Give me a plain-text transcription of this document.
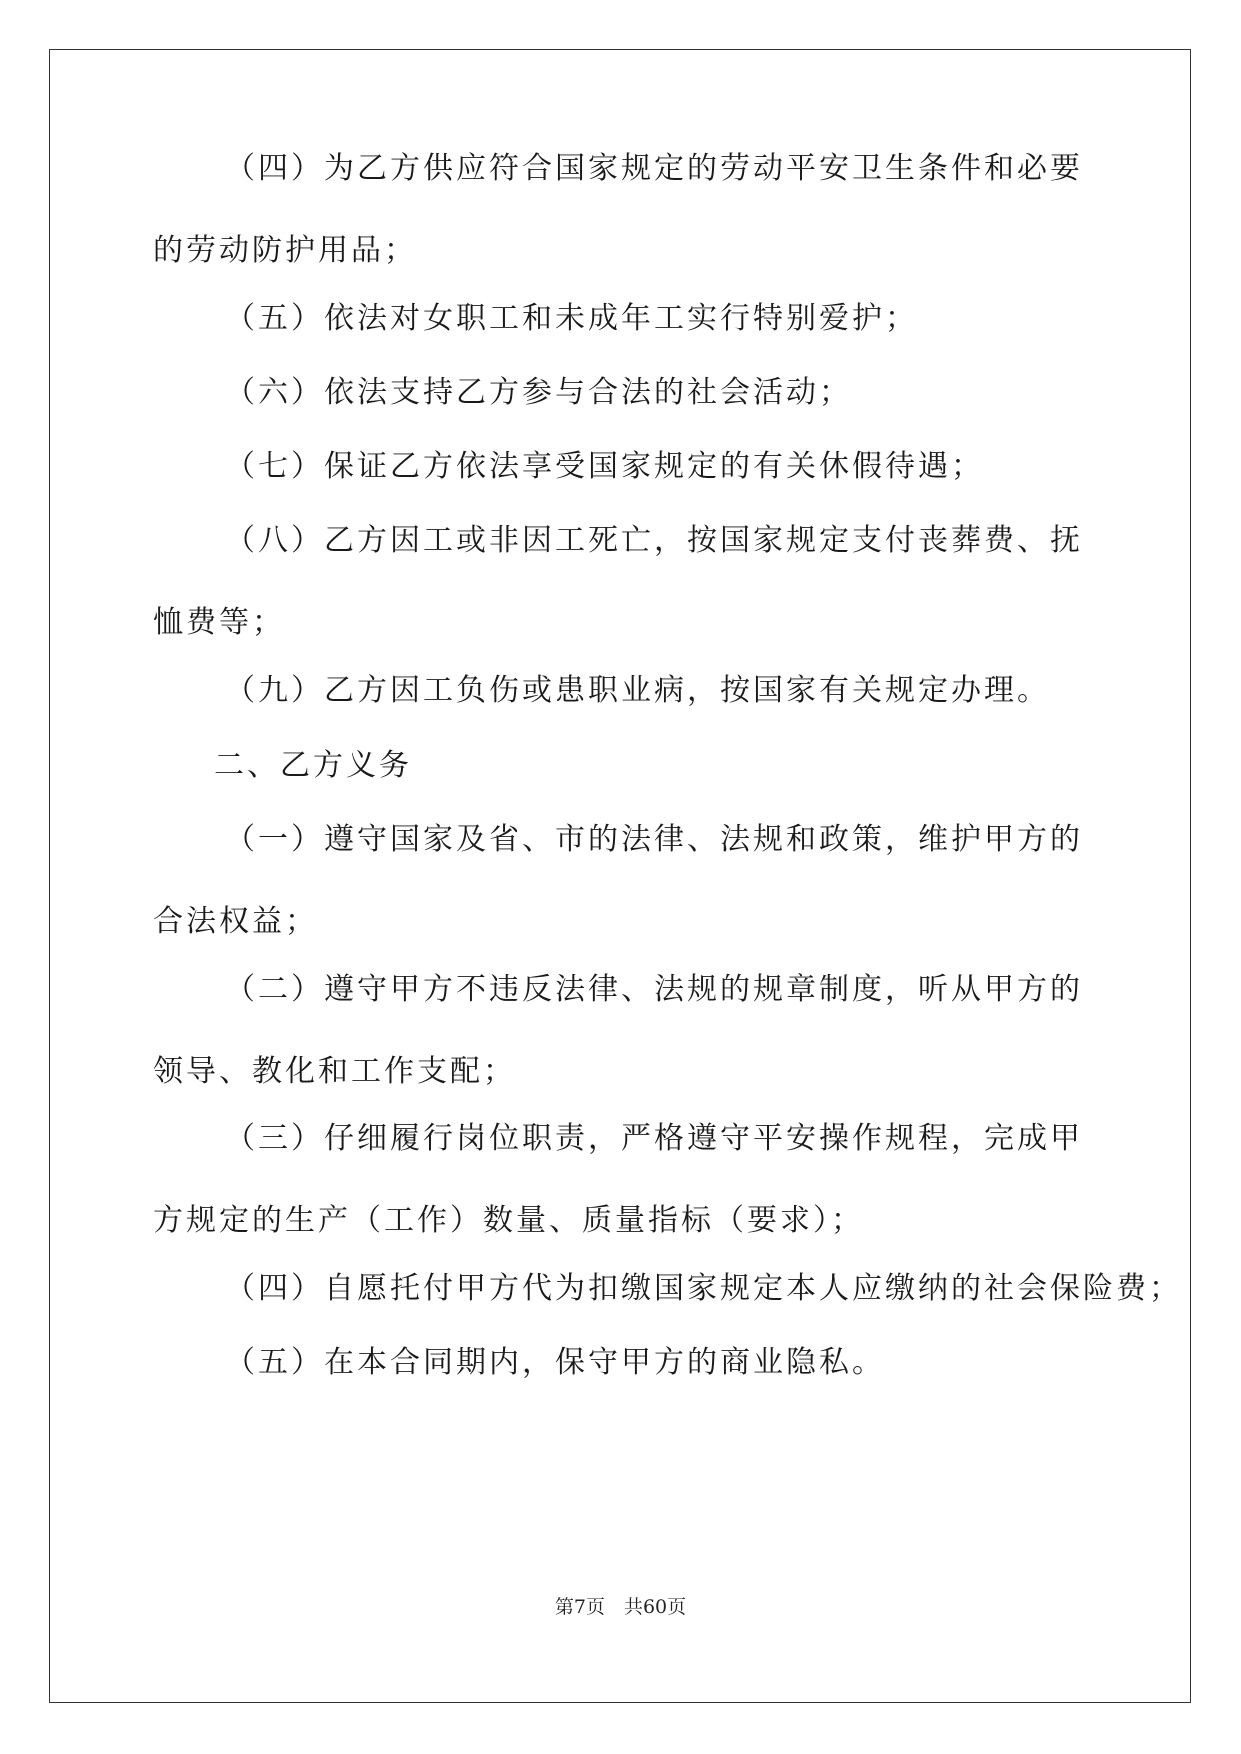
（四）为乙方供应符合国家规定的劳动平安卫生条件和必要的劳动防护用品；

（五）依法对女职工和未成年工实行特别爱护；

（六）依法支持乙方参与合法的社会活动；

（七）保证乙方依法享受国家规定的有关休假待遇；

（八）乙方因工或非因工死亡，按国家规定支付丧葬费、抚恤费等；

（九）乙方因工负伤或患职业病，按国家有关规定办理。

二、乙方义务

（一）遵守国家及省、市的法律、法规和政策，维护甲方的合法权益；

（二）遵守甲方不违反法律、法规的规章制度，听从甲方的领导、教化和工作支配；

（三）仔细履行岗位职责，严格遵守平安操作规程，完成甲方规定的生产（工作）数量、质量指标（要求）；

（四）自愿托付甲方代为扣缴国家规定本人应缴纳的社会保险费；

（五）在本合同期内，保守甲方的商业隐私。

第7页　共60页
